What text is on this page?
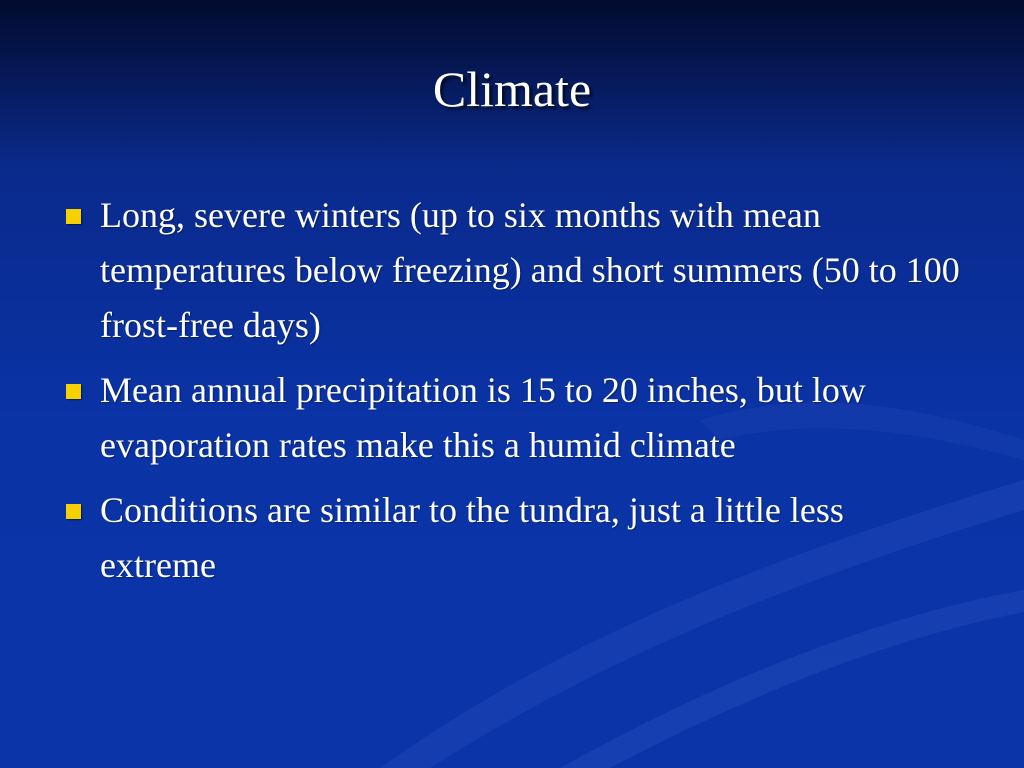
Climate
Long, severe winters (up to six months with mean temperatures below freezing) and short summers (50 to 100 frost-free days)
Mean annual precipitation is 15 to 20 inches, but low evaporation rates make this a humid climate
Conditions are similar to the tundra, just a little less extreme
